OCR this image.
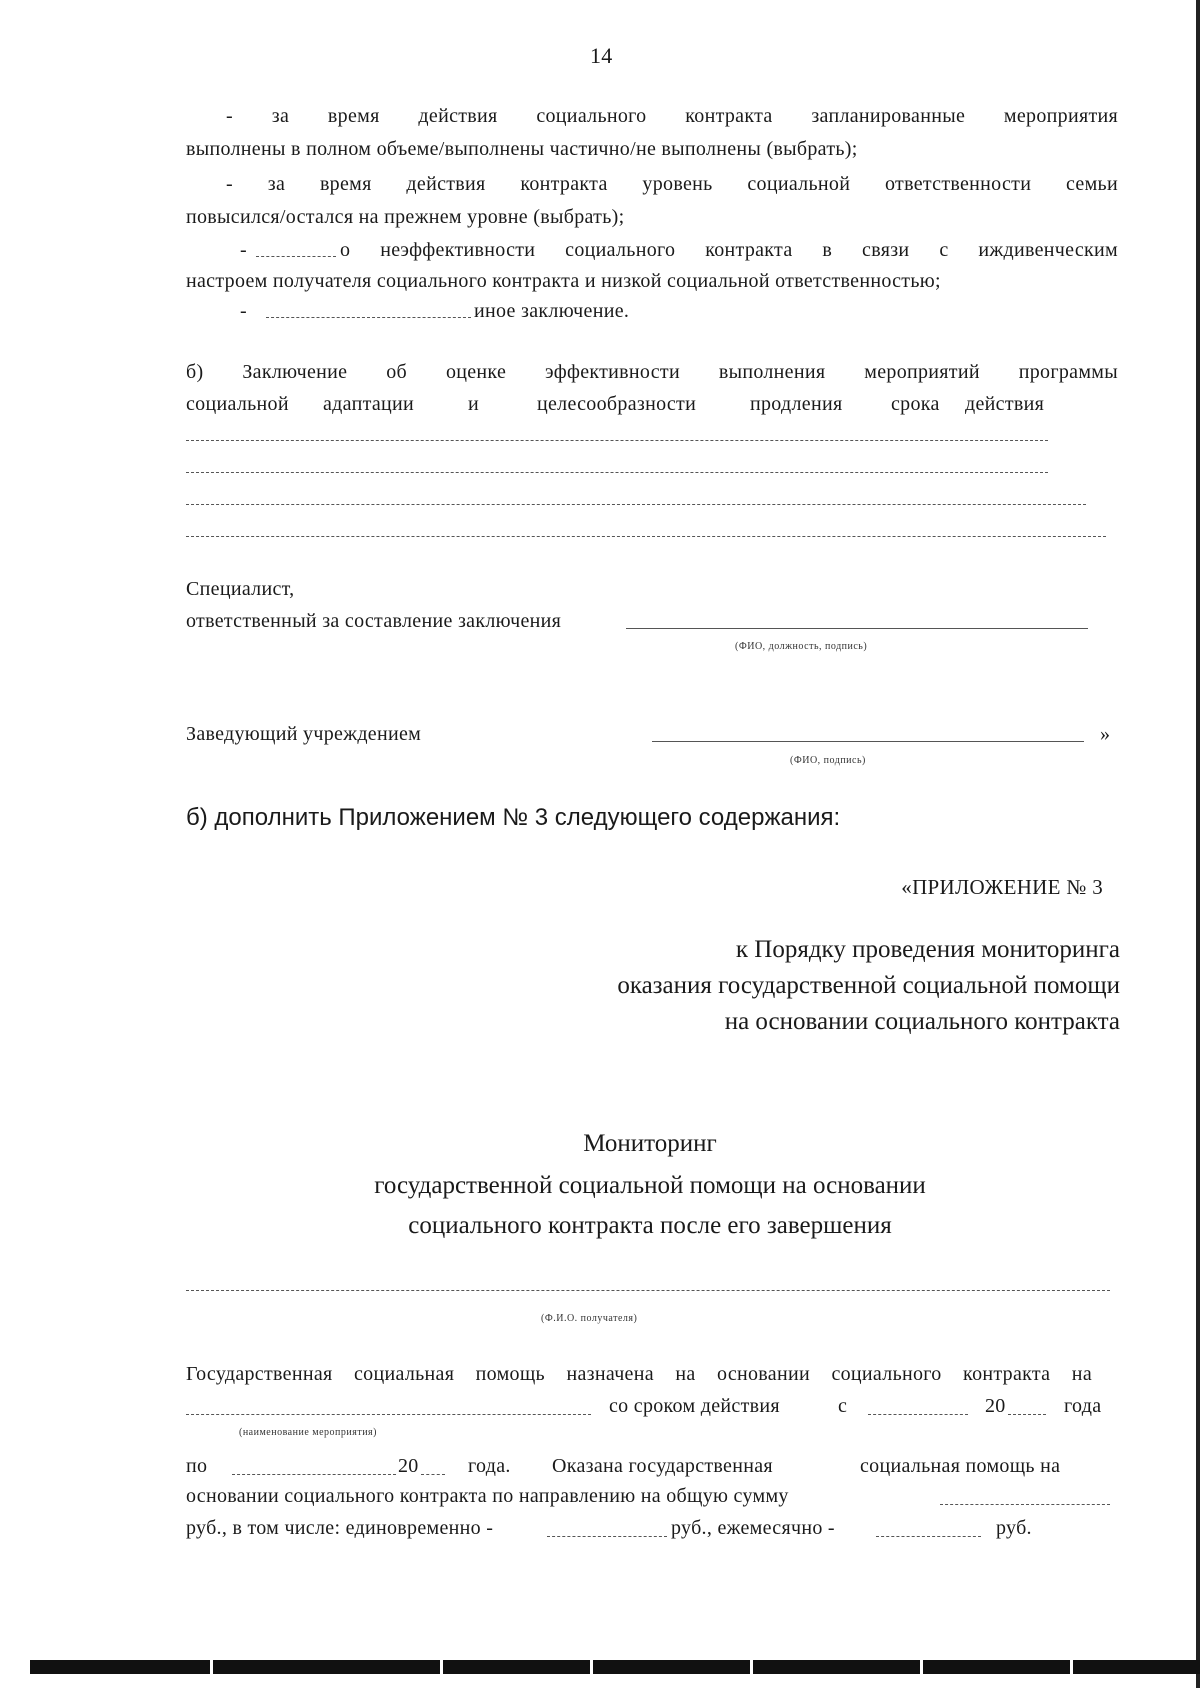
14
- за время действия социального контракта запланированные мероприятия
выполнены в полном объеме/выполнены частично/не выполнены (выбрать);
- за время действия контракта уровень социальной ответственности семьи
повысился/остался на прежнем уровне (выбрать);
-	о неэффективности социального контракта в связи с иждивенческим
настроем получателя социального контракта и низкой социальной ответственностью;
-	иное заключение.
б) Заключение об оценке эффективности выполнения мероприятий программы
социальной адаптации	и	целесообразности	продления срока действия
Специалист,
ответственный за составление заключения
(ФИО, должность, подпись)
Заведующий учреждением	»
(ФИО, подпись)
б) дополнить Приложением № 3 следующего содержания:
«ПРИЛОЖЕНИЕ № 3
к Порядку проведения мониторинга
оказания государственной социальной помощи
на основании социального контракта
Мониторинг
государственной социальной помощи на основании
социального контракта после его завершения
(Ф.И.О. получателя)
Государственная социальная помощь назначена на основании социального контракта на
со сроком действия	с	20	года
(наименование мероприятия)
по	20 года. Оказана государственная	социальная помощь на
основании социального контракта по направлению на общую сумму
руб., в том числе: единовременно -	руб., ежемесячно -	руб.
